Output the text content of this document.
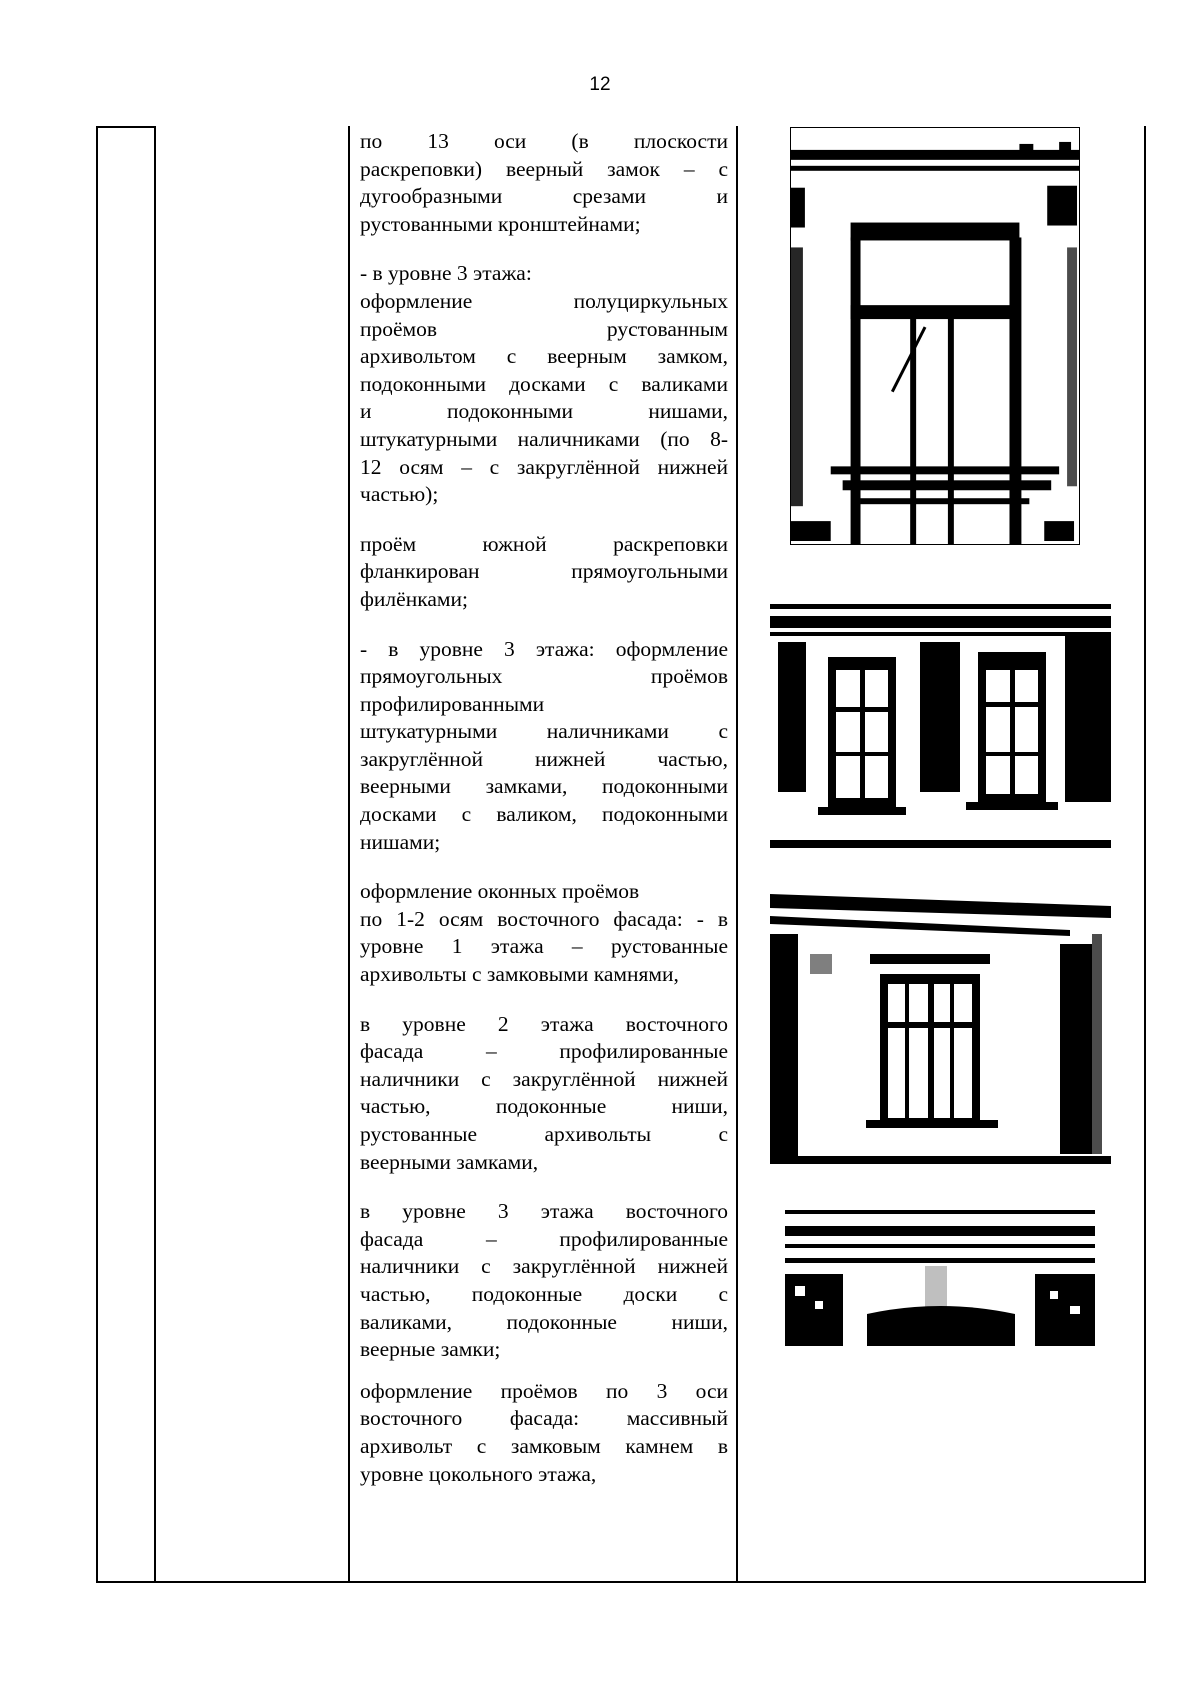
12
по 13 оси (в плоскости
раскреповки) веерный замок – с
дугообразными срезами и
рустованными кронштейнами;
- в уровне 3 этажа:
оформление полуциркульных
проёмов рустованным
архивольтом с веерным замком,
подоконными досками с валиками
и подоконными нишами,
штукатурными наличниками (по 8-
12 осям – с закруглённой нижней
частью);
проём южной раскреповки
фланкирован прямоугольными
филёнками;
- в уровне 3 этажа: оформление
прямоугольных проёмов
профилированными
штукатурными наличниками с
закруглённой нижней частью,
веерными замками, подоконными
досками с валиком, подоконными
нишами;
оформление оконных проёмов
по 1-2 осям восточного фасада: - в
уровне 1 этажа – рустованные
архивольты с замковыми камнями,
в уровне 2 этажа восточного
фасада – профилированные
наличники с закруглённой нижней
частью, подоконные ниши,
рустованные архивольты с
веерными замками,
в уровне 3 этажа восточного
фасада – профилированные
наличники с закруглённой нижней
частью, подоконные доски с
валиками, подоконные ниши,
веерные замки;
оформление проёмов по 3 оси
восточного фасада: массивный
архивольт с замковым камнем в
уровне цокольного этажа,
